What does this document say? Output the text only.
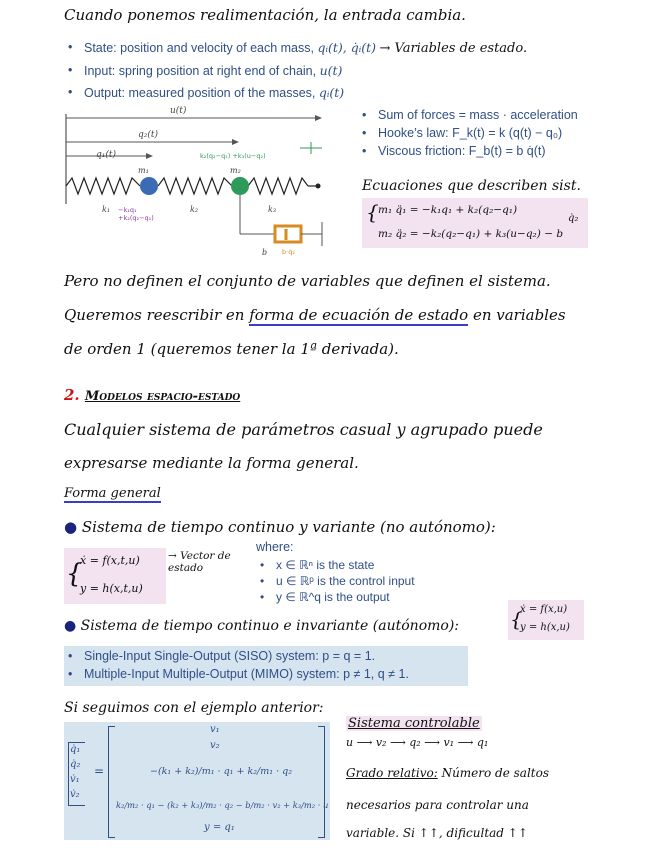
Cuando ponemos realimentación, la entrada cambia.
• State: position and velocity of each mass, qᵢ(t), q̇ᵢ(t) → Variables de estado.
• Input: spring position at right end of chain, u(t)
• Output: measured position of the masses, qᵢ(t)
u(t)
q₂(t)
q₁(t)
m₁	m₂
k₁	k₂	k₃
b
k₂(q₂−q₁) +k₃(u−q₂)
−k₁q₁ +k₂(q₂−q₁)
b·q̇₂
• Sum of forces = mass · acceleration
• Hooke’s law: F_k(t) = k (q(t) − q₀)
• Viscous friction: F_b(t) = b q̇(t)
Ecuaciones que describen sist.
{ m₁ q̈₁ = −k₁q₁ + k₂(q₂−q₁)
m₂ q̈₂ = −k₂(q₂−q₁) + k₃(u−q₂) − b
q̇₂
Pero no definen el conjunto de variables que definen el sistema.
Queremos reescribir en forma de ecuación de estado en variables
de orden 1 (queremos tener la 1ª derivada).
2. Modelos espacio-estado
Cualquier sistema de parámetros casual y agrupado puede
expresarse mediante la forma general.
Forma general
● Sistema de tiempo continuo y variante (no autónomo):
{
ẋ = f(x,t,u)
y = h(x,t,u)
→ Vector de estado
where:
• x ∈ ℝⁿ is the state
• u ∈ ℝᵖ is the control input
• y ∈ ℝ^q is the output
● Sistema de tiempo continuo e invariante (autónomo):	{
ẋ = f(x,u)
y = h(x,u)
• Single-Input Single-Output (SISO) system: p = q = 1.
• Multiple-Input Multiple-Output (MIMO) system: p ≠ 1, q ≠ 1.
Si seguimos con el ejemplo anterior:
q̇₁
q̇₂
v̇₁
v̇₂
=
v₁
v₂
−(k₁ + k₂)/m₁ · q₁ + k₂/m₁ · q₂
k₂/m₂ · q₁ − (k₂ + k₃)/m₂ · q₂ − b/m₂ · v₂ + k₃/m₂ · u
y = q₁
Sistema controlable
u ⟶ v₂ ⟶ q₂ ⟶ v₁ ⟶ q₁
Grado relativo: Número de saltos
necesarios para controlar una
variable. Si ↑↑, dificultad ↑↑
